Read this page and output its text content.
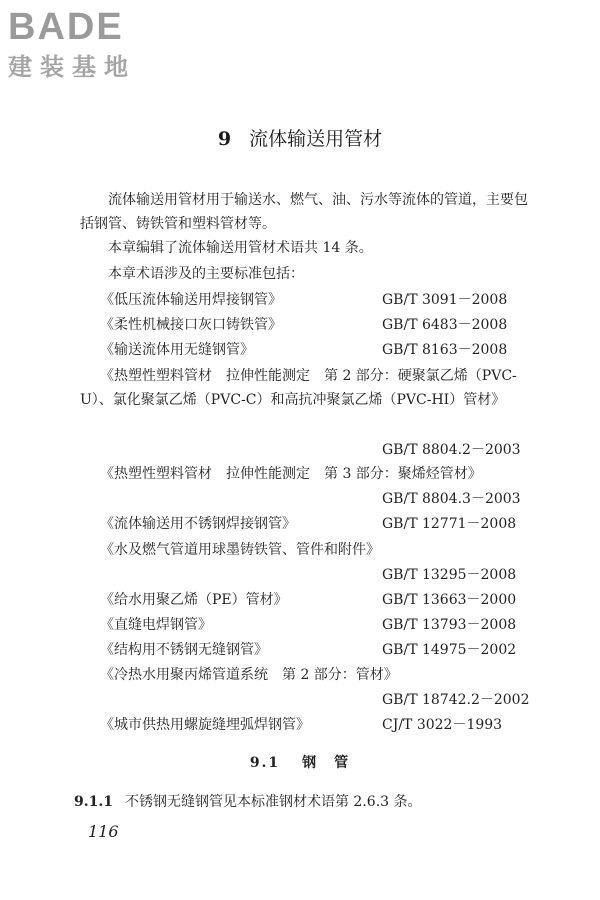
BADE
建装基地
9 流体输送用管材
流体输送用管材用于输送水、燃气、油、污水等流体的管道，主要包括钢管、铸铁管和塑料管材等。
本章编辑了流体输送用管材术语共 14 条。
本章术语涉及的主要标准包括：
《低压流体输送用焊接钢管》	GB/T 3091－2008
《柔性机械接口灰口铸铁管》	GB/T 6483－2008
《输送流体用无缝钢管》	GB/T 8163－2008
《热塑性塑料管材　拉伸性能测定　第 2 部分：硬聚氯乙烯（PVC-U）、氯化聚氯乙烯（PVC-C）和高抗冲聚氯乙烯（PVC-HI）管材》
GB/T 8804.2－2003
《热塑性塑料管材　拉伸性能测定　第 3 部分：聚烯烃管材》
GB/T 8804.3－2003
《流体输送用不锈钢焊接钢管》	GB/T 12771－2008
《水及燃气管道用球墨铸铁管、管件和附件》
GB/T 13295－2008
《给水用聚乙烯（PE）管材》	GB/T 13663－2000
《直缝电焊钢管》	GB/T 13793－2008
《结构用不锈钢无缝钢管》	GB/T 14975－2002
《冷热水用聚丙烯管道系统　第 2 部分：管材》
GB/T 18742.2－2002
《城市供热用螺旋缝埋弧焊钢管》	CJ/T 3022－1993
9.1 钢　管
9.1.1 不锈钢无缝钢管见本标准钢材术语第 2.6.3 条。
116
